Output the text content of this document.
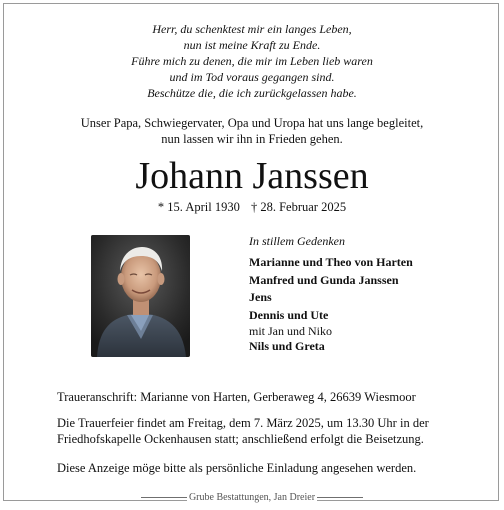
Herr, du schenktest mir ein langes Leben,
nun ist meine Kraft zu Ende.
Führe mich zu denen, die mir im Leben lieb waren
und im Tod voraus gegangen sind.
Beschütze die, die ich zurückgelassen habe.
Unser Papa, Schwiegervater, Opa und Uropa hat uns lange begleitet,
nun lassen wir ihn in Frieden gehen.
Johann Janssen
* 15. April 1930 † 28. Februar 2025
In stillem Gedenken
Marianne und Theo von Harten
Manfred und Gunda Janssen
Jens
Dennis und Ute
mit Jan und Niko
Nils und Greta
Traueranschrift: Marianne von Harten, Gerberaweg 4, 26639 Wiesmoor
Die Trauerfeier findet am Freitag, dem 7. März 2025, um 13.30 Uhr in der
Friedhofskapelle Ockenhausen statt; anschließend erfolgt die Beisetzung.
Diese Anzeige möge bitte als persönliche Einladung angesehen werden.
Grube Bestattungen, Jan Dreier
